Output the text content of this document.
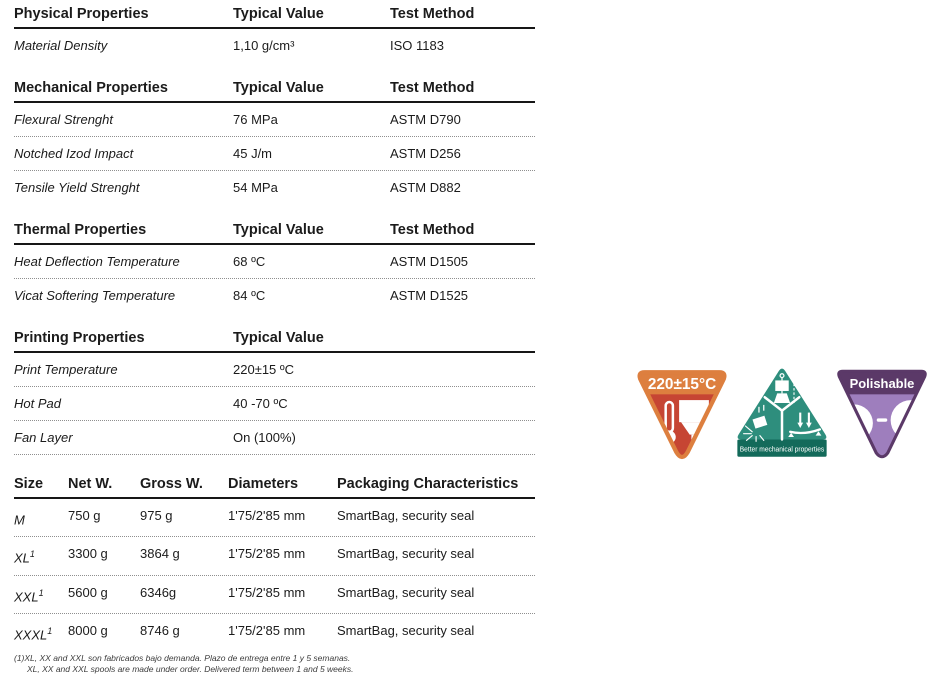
Physical Properties	Typical Value	Test Method
Material Density	1,10 g/cm³	ISO 1183
Mechanical Properties	Typical Value	Test Method
Flexural Strenght	76 MPa	ASTM D790
Notched Izod Impact	45 J/m	ASTM D256
Tensile Yield Strenght	54 MPa	ASTM D882
Thermal Properties	Typical Value	Test Method
Heat Deflection Temperature	68 ºC	ASTM D1505
Vicat Softering Temperature	84 ºC	ASTM D1525
Printing Properties	Typical Value
Print Temperature	220±15 ºC
Hot Pad	40 -70 ºC
Fan Layer	On (100%)
Size	Net W.	Gross W.	Diameters	Packaging Characteristics
M	750 g	975 g	1'75/2'85 mm	SmartBag, security seal
$XL^1$	3300 g	3864 g	1'75/2'85 mm	SmartBag, security seal
XXL$^1$	5600 g	6346g	1'75/2'85 mm	SmartBag, security seal
XXXL$^1$	8000 g	8746 g	1'75/2'85 mm	SmartBag, security seal
(1)XL, XX and XXL son fabricados bajo demanda. Plazo de entrega entre 1 y 5 semanas.
XL, XX and XXL spools are made under order. Delivered term between 1 and 5 weeks.
220±15°C
Better mechanical properties
Polishable
